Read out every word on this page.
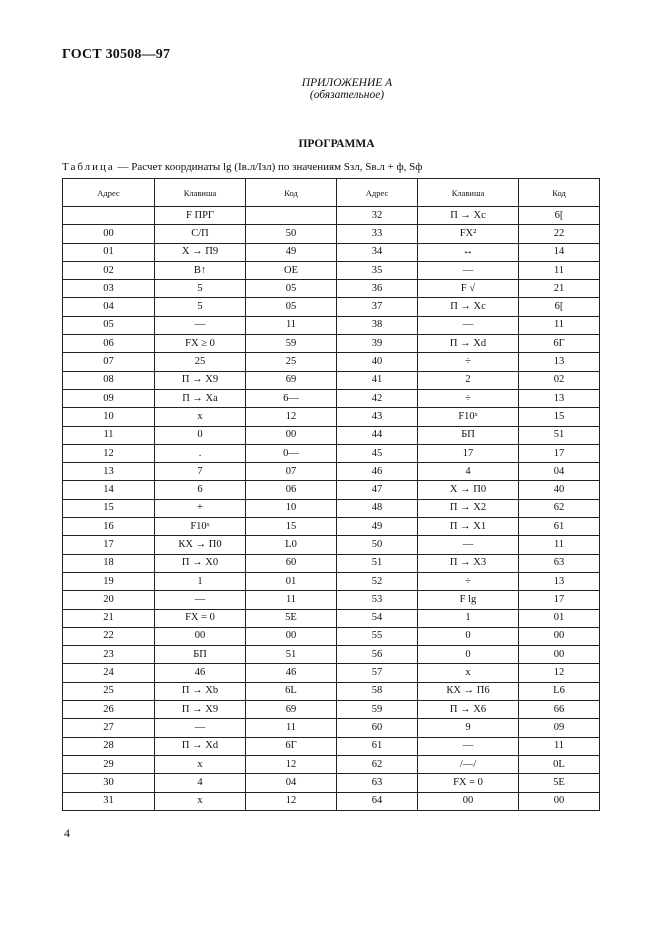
ГОСТ 30508—97
ПРИЛОЖЕНИЕ А
(обязательное)
ПРОГРАММА
Таблица — Расчет координаты lg (Iв.л/Iзл) по значениям Sзл, Sв.л + ф, Sф
Адрес	Клавиша	Код	Адрес	Клавиша	Код
	F ПРГ		32	П → Хс	6[
00	С/П	50	33	FX²	22
01	X → П9	49	34	↔	14
02	В↑	OE	35	—	11
03	5	05	36	F √	21
04	5	05	37	П → Хс	6[
05	—	11	38	—	11
06	FX ≥ 0	59	39	П → Хd	6Г
07	25	25	40	÷	13
08	П → Х9	69	41	2	02
09	П → Ха	6—	42	÷	13
10	х	12	43	F10ˣ	15
11	0	00	44	БП	51
12	.	0—	45	17	17
13	7	07	46	4	04
14	6	06	47	Х → П0	40
15	+	10	48	П → Х2	62
16	F10ˣ	15	49	П → Х1	61
17	КХ → П0	L0	50	—	11
18	П → Х0	60	51	П → Х3	63
19	1	01	52	÷	13
20	—	11	53	F lg	17
21	FX = 0	5E	54	1	01
22	00	00	55	0	00
23	БП	51	56	0	00
24	46	46	57	х	12
25	П → Хb	6L	58	КХ → П6	L6
26	П → Х9	69	59	П → Х6	66
27	—	11	60	9	09
28	П → Хd	6Г	61	—	11
29	х	12	62	/—/	0L
30	4	04	63	FX = 0	5E
31	х	12	64	00	00
4
